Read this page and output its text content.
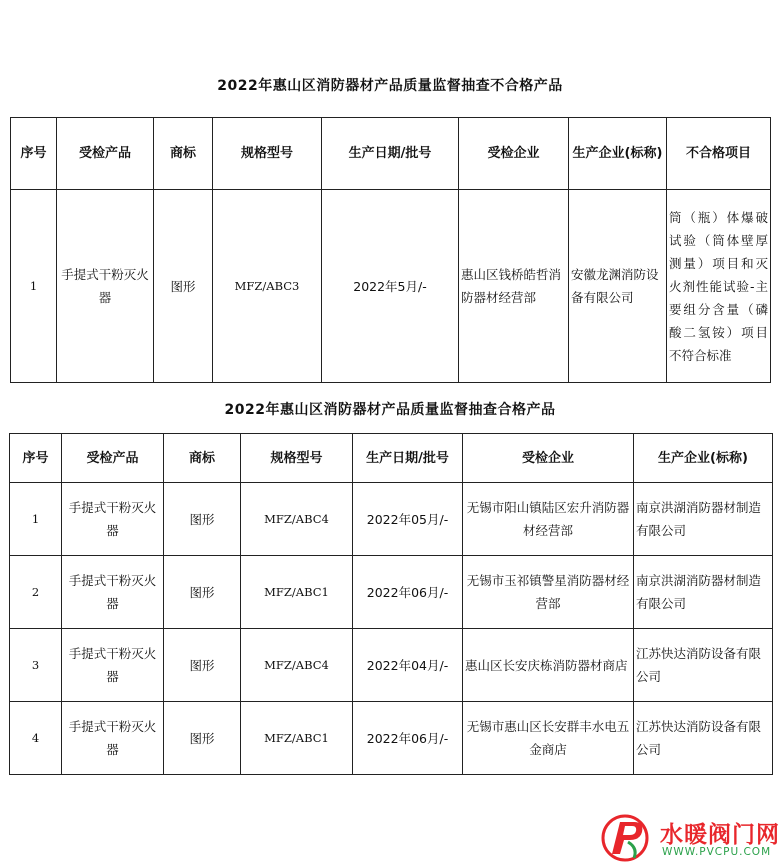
2022年惠山区消防器材产品质量监督抽查不合格产品
序号	受检产品	商标	规格型号	生产日期/批号	受检企业	生产企业(标称)	不合格项目
1	手提式干粉灭火器	图形	MFZ/ABC3	2022年5月/-	惠山区钱桥皓哲消防器材经营部	安徽龙渊消防设备有限公司	筒（瓶）体爆破试验（筒体壁厚测量）项目和灭火剂性能试验-主要组分含量（磷酸二氢铵）项目不符合标准
2022年惠山区消防器材产品质量监督抽查合格产品
序号	受检产品	商标	规格型号	生产日期/批号	受检企业	生产企业(标称)
1	手提式干粉灭火器	图形	MFZ/ABC4	2022年05月/-	无锡市阳山镇陆区宏升消防器材经营部	南京洪湖消防器材制造有限公司
2	手提式干粉灭火器	图形	MFZ/ABC1	2022年06月/-	无锡市玉祁镇警星消防器材经营部	南京洪湖消防器材制造有限公司
3	手提式干粉灭火器	图形	MFZ/ABC4	2022年04月/-	惠山区长安庆栋消防器材商店	江苏快达消防设备有限公司
4	手提式干粉灭火器	图形	MFZ/ABC1	2022年06月/-	无锡市惠山区长安群丰水电五金商店	江苏快达消防设备有限公司
水暖阀门网
WWW.PVCPU.COM
